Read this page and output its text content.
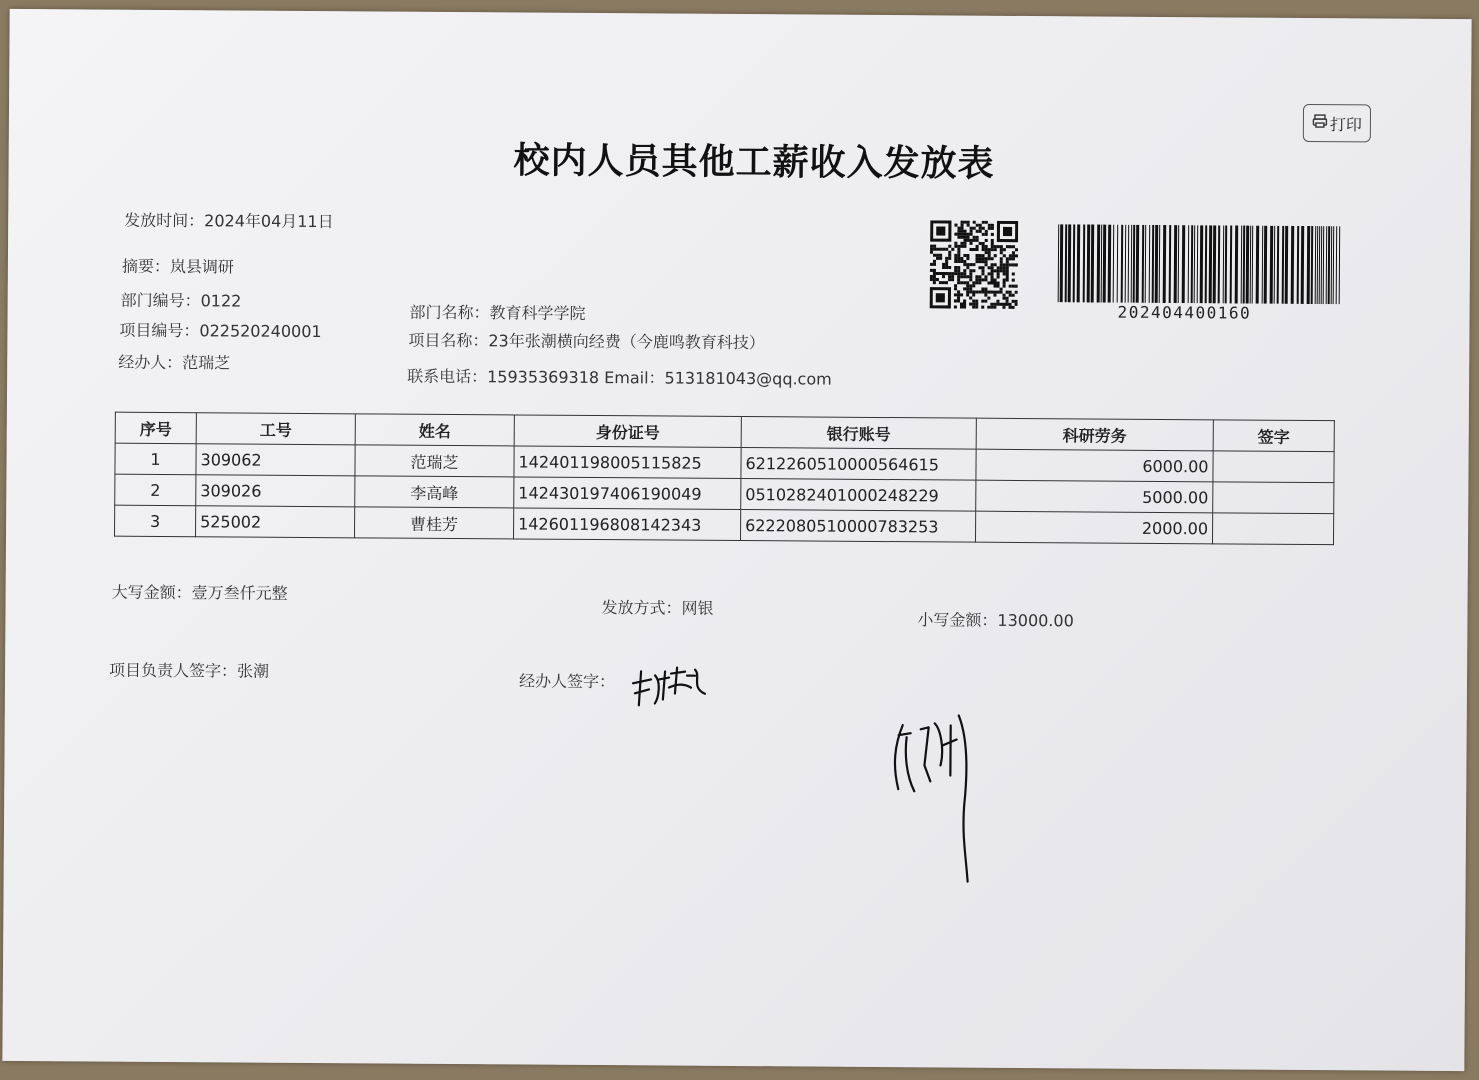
校内人员其他工薪收入发放表
打印
发放时间：2024年04月11日
摘要：岚县调研
部门编号：0122
项目编号：022520240001
经办人：范瑞芝
部门名称：教育科学学院
项目名称：23年张潮横向经费（今鹿鸣教育科技）
联系电话：15935369318 Email：513181043@qq.com
202404400160
序号	工号	姓名	身份证号	银行账号	科研劳务	签字
1	309062	范瑞芝	142401198005115825	6212260510000564615	6000.00	
2	309026	李高峰	142430197406190049	0510282401000248229	5000.00	
3	525002	曹桂芳	142601196808142343	6222080510000783253	2000.00	
大写金额：壹万叁仟元整
发放方式：网银
小写金额：13000.00
项目负责人签字：张潮
经办人签字：
